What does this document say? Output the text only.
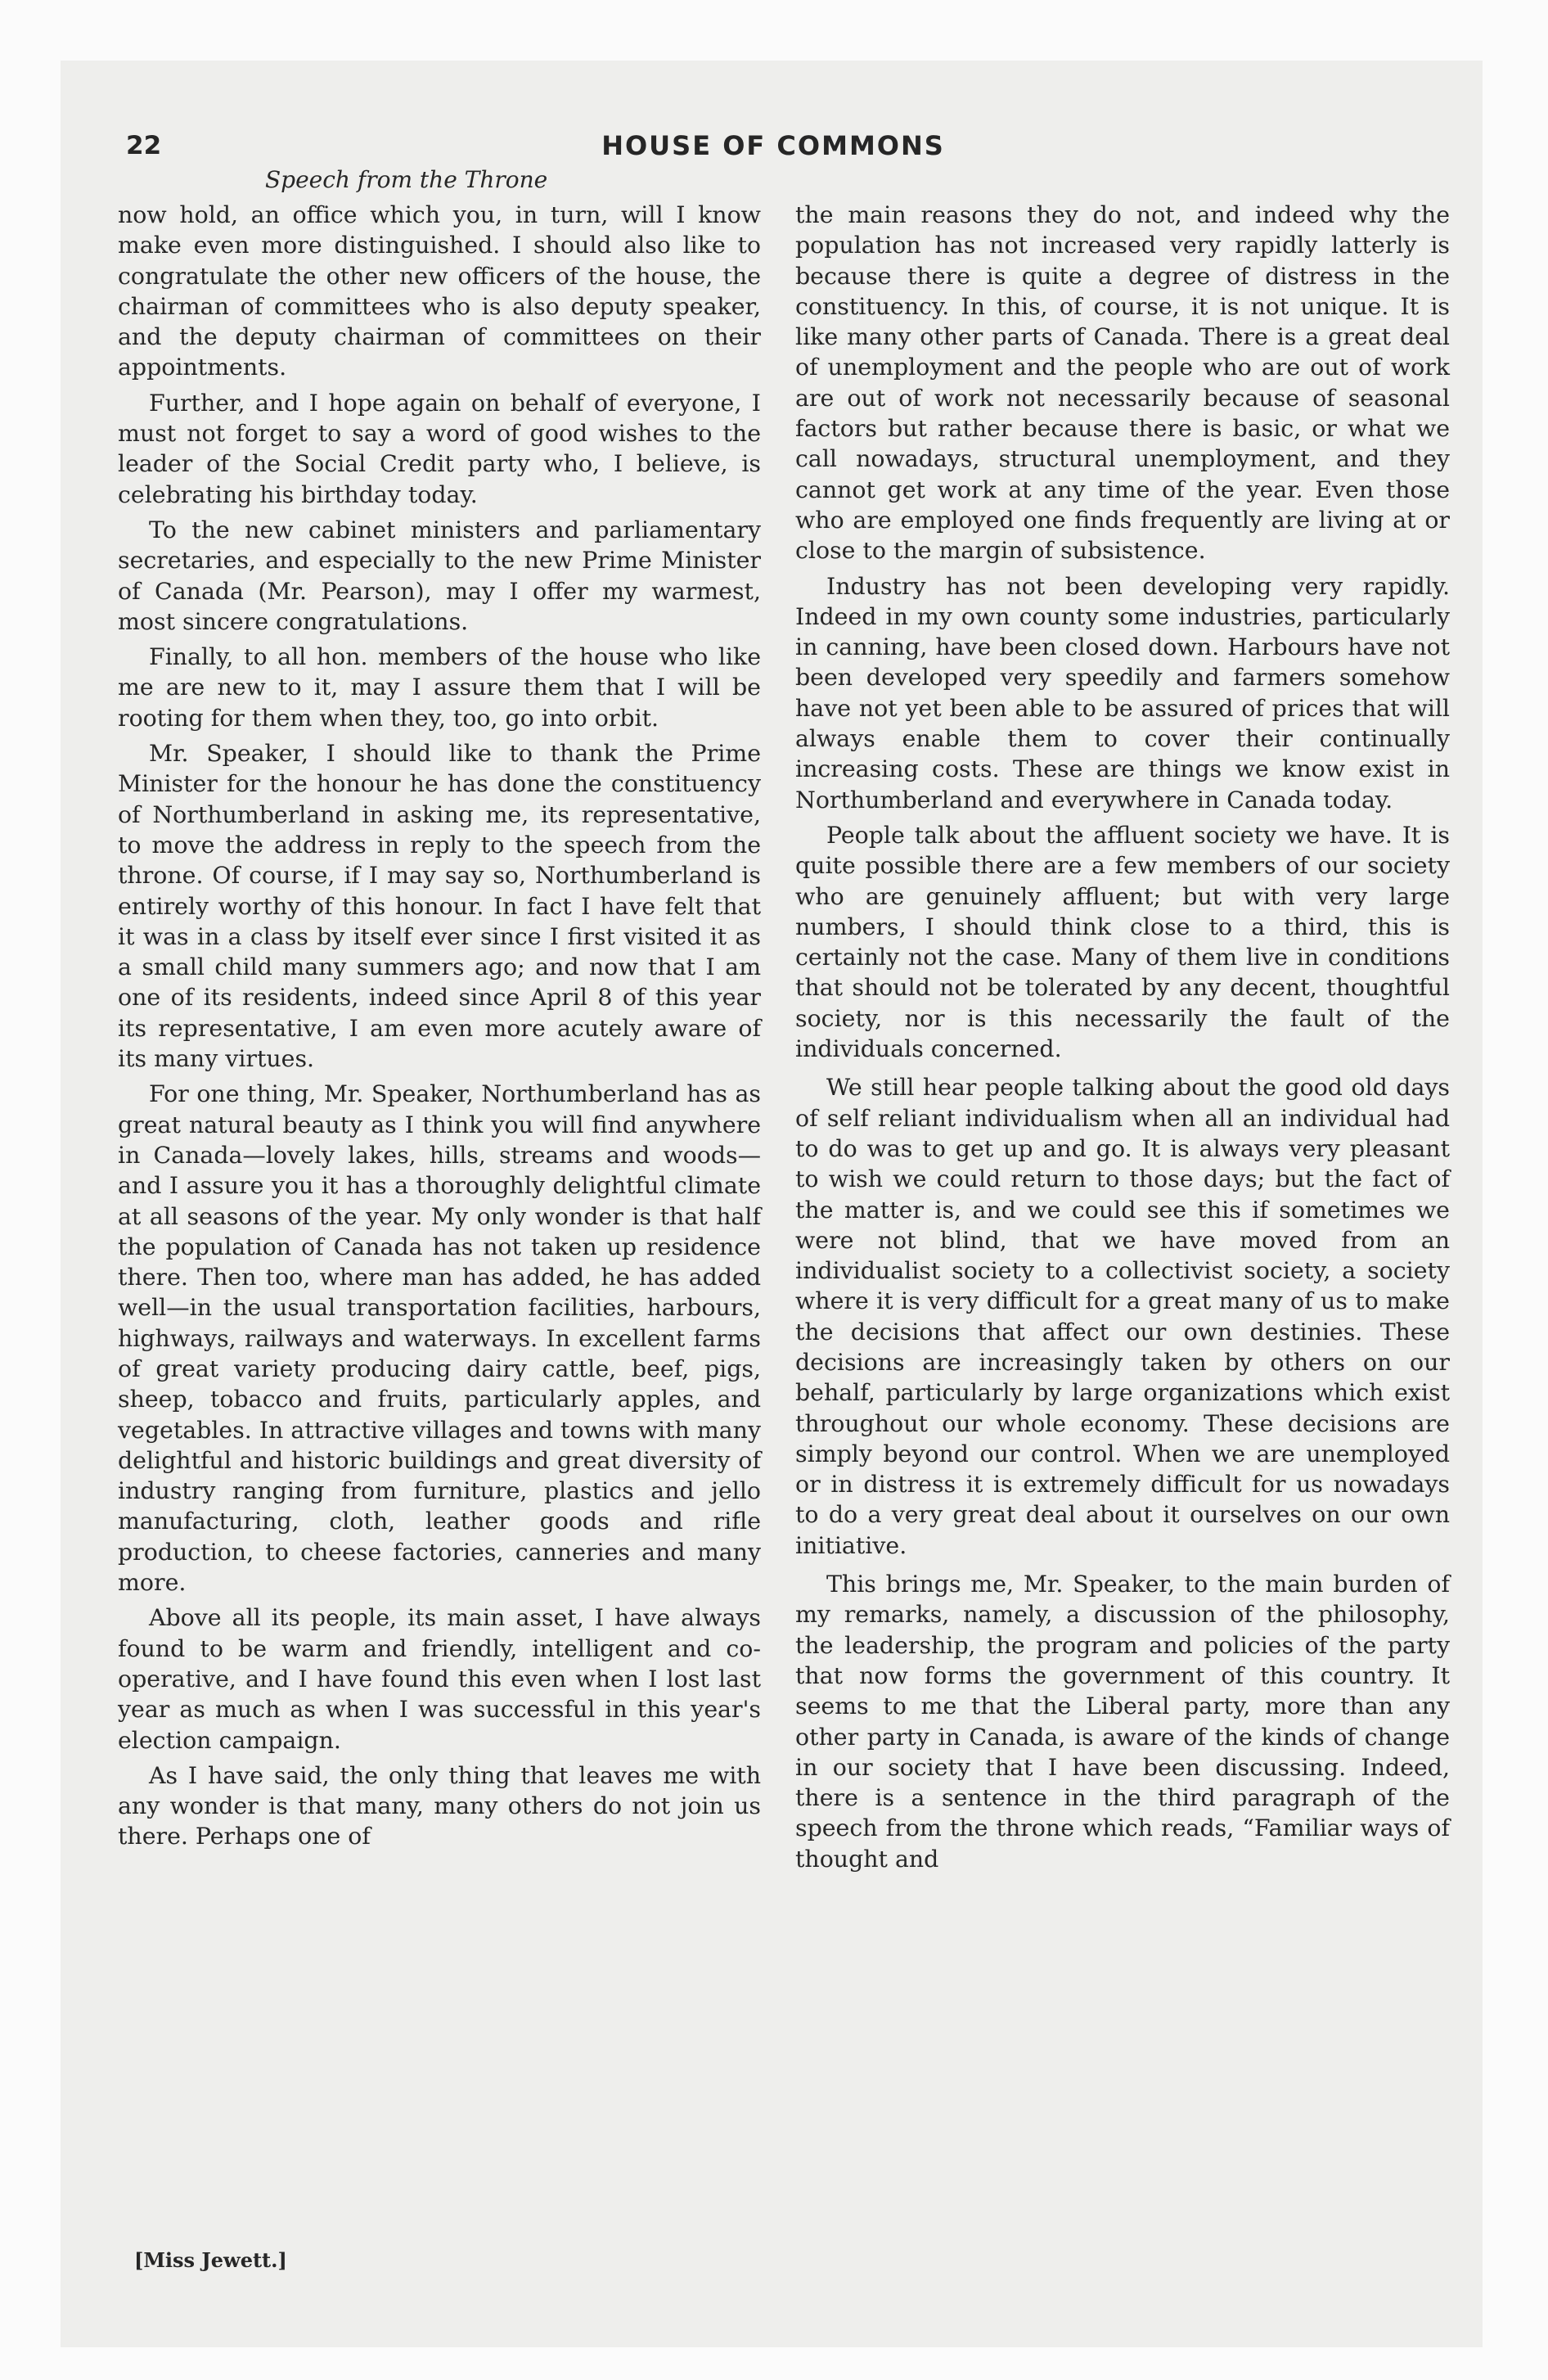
22	HOUSE OF COMMONS
Speech from the Throne

now hold, an office which you, in turn, will I know make even more distinguished. I should also like to congratulate the other new officers of the house, the chairman of committees who is also deputy speaker, and the deputy chairman of committees on their appointments.

Further, and I hope again on behalf of everyone, I must not forget to say a word of good wishes to the leader of the Social Credit party who, I believe, is celebrating his birthday today.

To the new cabinet ministers and parliamentary secretaries, and especially to the new Prime Minister of Canada (Mr. Pearson), may I offer my warmest, most sincere congratulations.

Finally, to all hon. members of the house who like me are new to it, may I assure them that I will be rooting for them when they, too, go into orbit.

Mr. Speaker, I should like to thank the Prime Minister for the honour he has done the constituency of Northumberland in asking me, its representative, to move the address in reply to the speech from the throne. Of course, if I may say so, Northumberland is entirely worthy of this honour. In fact I have felt that it was in a class by itself ever since I first visited it as a small child many summers ago; and now that I am one of its residents, indeed since April 8 of this year its representative, I am even more acutely aware of its many virtues.

For one thing, Mr. Speaker, Northumberland has as great natural beauty as I think you will find anywhere in Canada—lovely lakes, hills, streams and woods—and I assure you it has a thoroughly delightful climate at all seasons of the year. My only wonder is that half the population of Canada has not taken up residence there. Then too, where man has added, he has added well—in the usual transportation facilities, harbours, highways, railways and waterways. In excellent farms of great variety producing dairy cattle, beef, pigs, sheep, tobacco and fruits, particularly apples, and vegetables. In attractive villages and towns with many delightful and historic buildings and great diversity of industry ranging from furniture, plastics and jello manufacturing, cloth, leather goods and rifle production, to cheese factories, canneries and many more.

Above all its people, its main asset, I have always found to be warm and friendly, intelligent and co-operative, and I have found this even when I lost last year as much as when I was successful in this year's election campaign.

As I have said, the only thing that leaves me with any wonder is that many, many others do not join us there. Perhaps one of

the main reasons they do not, and indeed why the population has not increased very rapidly latterly is because there is quite a degree of distress in the constituency. In this, of course, it is not unique. It is like many other parts of Canada. There is a great deal of unemployment and the people who are out of work are out of work not necessarily because of seasonal factors but rather because there is basic, or what we call nowadays, structural unemployment, and they cannot get work at any time of the year. Even those who are employed one finds frequently are living at or close to the margin of subsistence.

Industry has not been developing very rapidly. Indeed in my own county some industries, particularly in canning, have been closed down. Harbours have not been developed very speedily and farmers somehow have not yet been able to be assured of prices that will always enable them to cover their continually increasing costs. These are things we know exist in Northumberland and everywhere in Canada today.

People talk about the affluent society we have. It is quite possible there are a few members of our society who are genuinely affluent; but with very large numbers, I should think close to a third, this is certainly not the case. Many of them live in conditions that should not be tolerated by any decent, thoughtful society, nor is this necessarily the fault of the individuals concerned.

We still hear people talking about the good old days of self reliant individualism when all an individual had to do was to get up and go. It is always very pleasant to wish we could return to those days; but the fact of the matter is, and we could see this if sometimes we were not blind, that we have moved from an individualist society to a collectivist society, a society where it is very difficult for a great many of us to make the decisions that affect our own destinies. These decisions are increasingly taken by others on our behalf, particularly by large organizations which exist throughout our whole economy. These decisions are simply beyond our control. When we are unemployed or in distress it is extremely difficult for us nowadays to do a very great deal about it ourselves on our own initiative.

This brings me, Mr. Speaker, to the main burden of my remarks, namely, a discussion of the philosophy, the leadership, the program and policies of the party that now forms the government of this country. It seems to me that the Liberal party, more than any other party in Canada, is aware of the kinds of change in our society that I have been discussing. Indeed, there is a sentence in the third paragraph of the speech from the throne which reads, “Familiar ways of thought and

[Miss Jewett.]
